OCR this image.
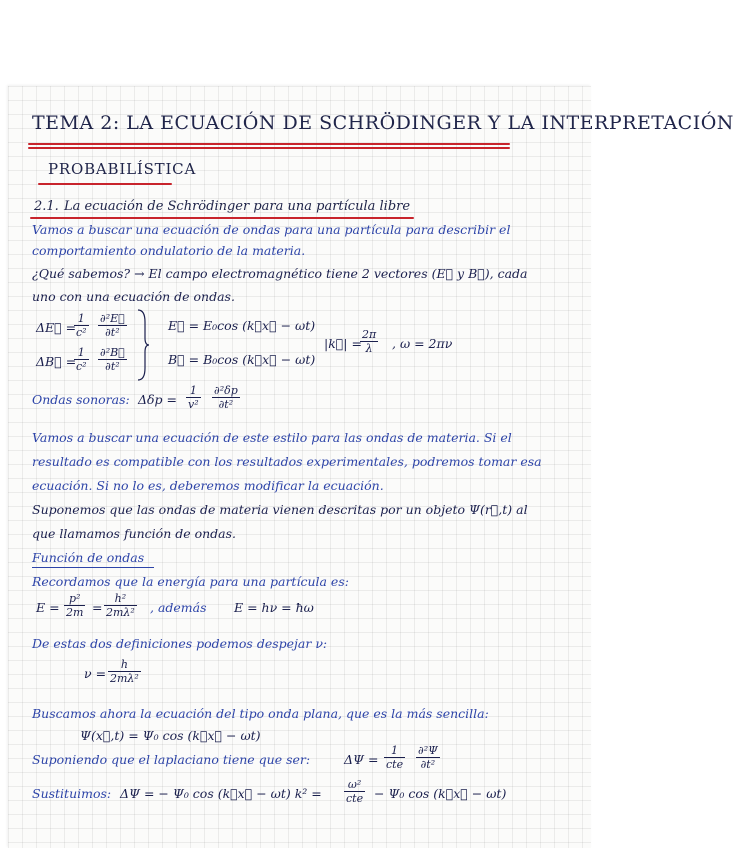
TEMA 2: LA ECUACIÓN DE SCHRÖDINGER Y LA INTERPRETACIÓN
PROBABILÍSTICA
2.1. La ecuación de Schrödinger para una partícula libre
Vamos a buscar una ecuación de ondas para una partícula para describir el
comportamiento ondulatorio de la materia.
¿Qué sabemos? → El campo electromagnético tiene 2 vectores (E⃗ y B⃗), cada
uno con una ecuación de ondas.
ΔE⃗ =
$\frac{1}{\text{c²}} \frac{\text{∂²E⃗}}{\text{∂t²}}$
ΔB⃗ =
$\frac{1}{\text{c²}} \frac{\text{∂²B⃗}}{\text{∂t²}}$
E⃗ = E₀cos (k⃗x⃗ − ωt)
B⃗ = B₀cos (k⃗x⃗ − ωt)
|k⃗| =
$\frac{2\pi}{\lambda}$ , ω = 2πν
Ondas sonoras: $\Delta\delta p = \frac{1}{\text{v²}} \frac{\text{∂²δp}}{\text{∂t²}}$
Vamos a buscar una ecuación de este estilo para las ondas de materia. Si el
resultado es compatible con los resultados experimentales, podremos tomar esa
ecuación. Si no lo es, deberemos modificar la ecuación.
Suponemos que las ondas de materia vienen descritas por un objeto Ψ(r⃗,t) al
que llamamos función de ondas.
Función de ondas
Recordamos que la energía para una partícula es:
$E = \frac{\text{p²}}{2m} = \frac{\text{h²}}{\text{2mλ²}}$ , además E = hν = ħω
De estas dos definiciones podemos despejar ν:
$\nu = \frac{h}{\text{2mλ²}}$
Buscamos ahora la ecuación del tipo onda plana, que es la más sencilla:
Ψ(x⃗,t) = Ψ₀ cos (k⃗x⃗ − ωt)
Suponiendo que el laplaciano tiene que ser:	ΔΨ =
1
cte $\frac{\text{∂²Ψ}}{\text{∂t²}}$
Sustituimos: ΔΨ = − Ψ₀ cos (k⃗x⃗ − ωt) k² =
ω²
cte − Ψ₀ cos (k⃗x⃗ − ωt)
